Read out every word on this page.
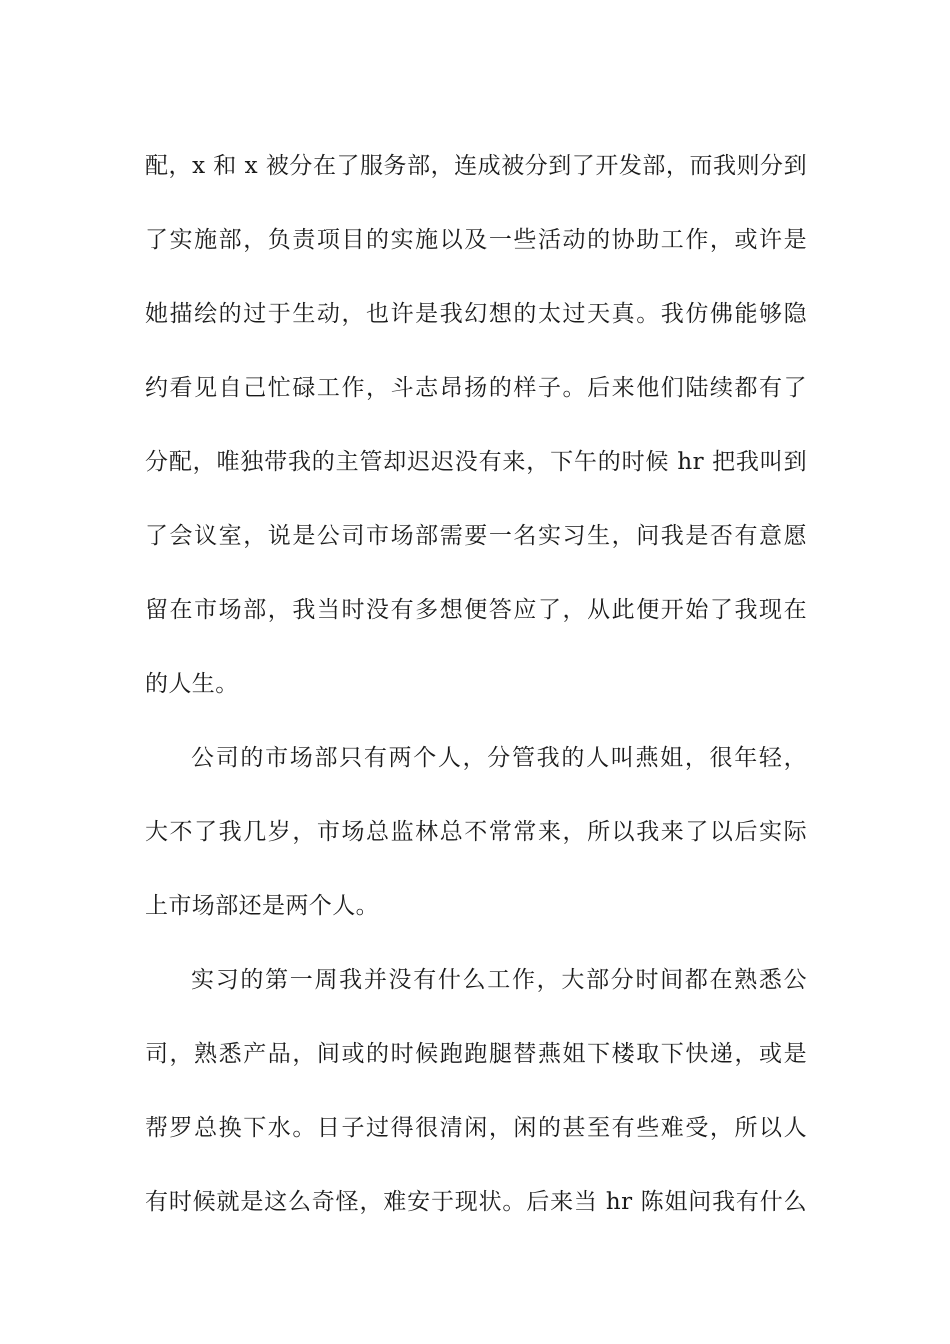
配，x 和 x 被分在了服务部，连成被分到了开发部，而我则分到
了实施部，负责项目的实施以及一些活动的协助工作，或许是
她描绘的过于生动，也许是我幻想的太过天真。我仿佛能够隐
约看见自己忙碌工作，斗志昂扬的样子。后来他们陆续都有了
分配，唯独带我的主管却迟迟没有来，下午的时候 hr 把我叫到
了会议室，说是公司市场部需要一名实习生，问我是否有意愿
留在市场部，我当时没有多想便答应了，从此便开始了我现在
的人生。
公司的市场部只有两个人，分管我的人叫燕姐，很年轻，
大不了我几岁，市场总监林总不常常来，所以我来了以后实际
上市场部还是两个人。
实习的第一周我并没有什么工作，大部分时间都在熟悉公
司，熟悉产品，间或的时候跑跑腿替燕姐下楼取下快递，或是
帮罗总换下水。日子过得很清闲，闲的甚至有些难受，所以人
有时候就是这么奇怪，难安于现状。后来当 hr 陈姐问我有什么
